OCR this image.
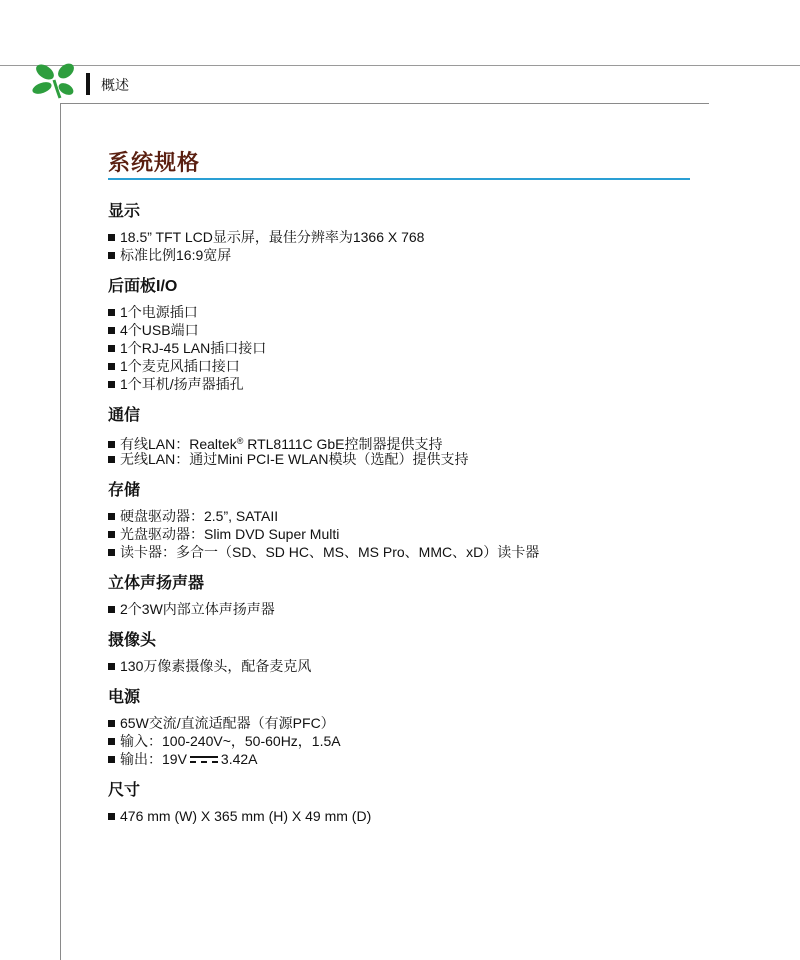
概述
系统规格
显示
18.5” TFT LCD显示屏，最佳分辨率为1366 X 768
标准比例16:9宽屏
后面板I/O
1个电源插口
4个USB端口
1个RJ-45 LAN插口接口
1个麦克风插口接口
1个耳机/扬声器插孔
通信
有线LAN：Realtek® RTL8111C GbE控制器提供支持
无线LAN：通过Mini PCI-E WLAN模块（选配）提供支持
存储
硬盘驱动器：2.5”, SATAII
光盘驱动器：Slim DVD Super Multi
读卡器：多合一（SD、SD HC、MS、MS Pro、MMC、xD）读卡器
立体声扬声器
2个3W内部立体声扬声器
摄像头
130万像素摄像头，配备麦克风
电源
65W交流/直流适配器（有源PFC）
输入：100-240V~，50-60Hz，1.5A
输出：19V 3.42A
尺寸
476 mm (W) X 365 mm (H) X 49 mm (D)
